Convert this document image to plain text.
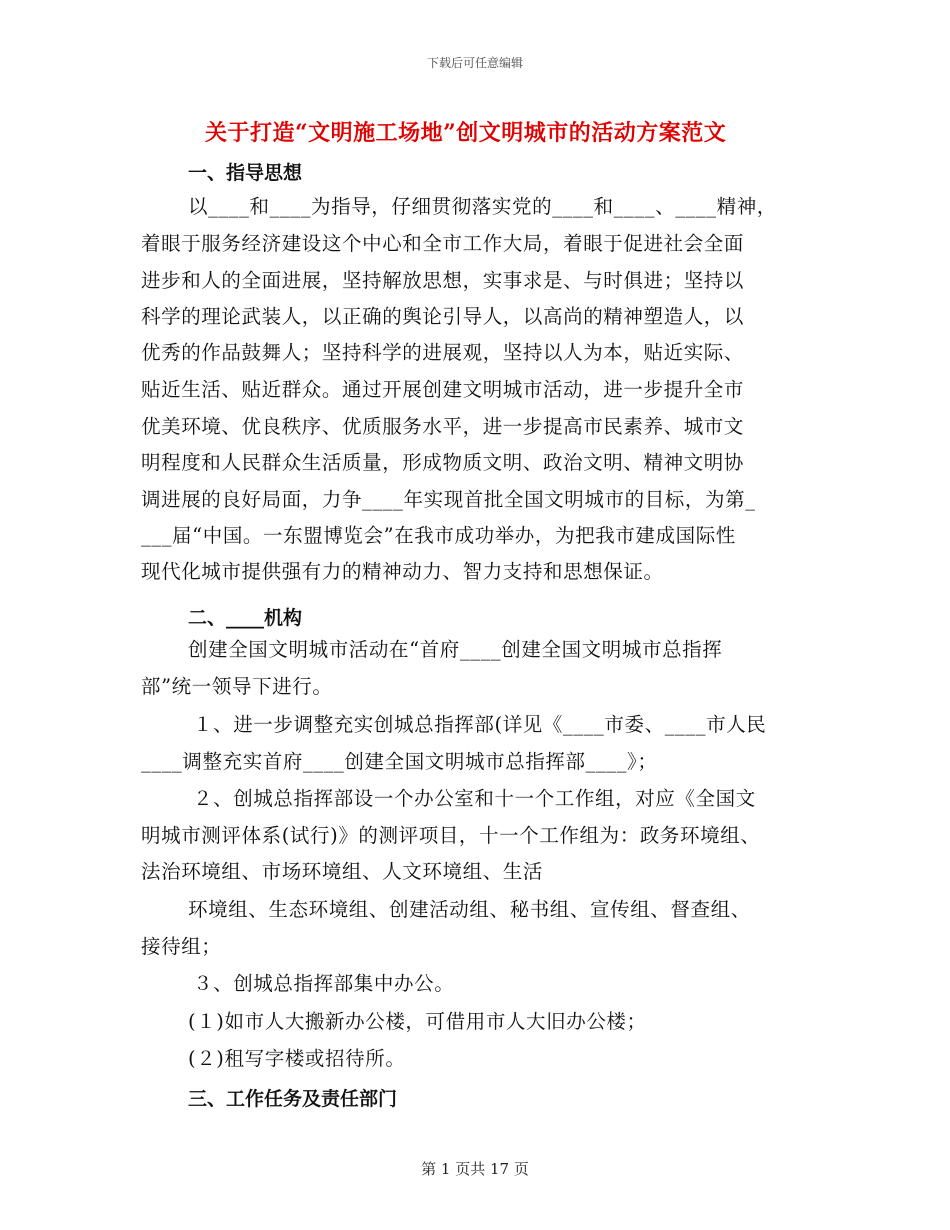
下载后可任意编辑
关于打造“文明施工场地”创文明城市的活动方案范文
一、指导思想
以____和____为指导，仔细贯彻落实党的____和____、____精神，
着眼于服务经济建设这个中心和全市工作大局，着眼于促进社会全面
进步和人的全面进展，坚持解放思想，实事求是、与时俱进；坚持以
科学的理论武装人，以正确的舆论引导人，以高尚的精神塑造人，以
优秀的作品鼓舞人；坚持科学的进展观，坚持以人为本，贴近实际、
贴近生活、贴近群众。通过开展创建文明城市活动，进一步提升全市
优美环境、优良秩序、优质服务水平，进一步提高市民素养、城市文
明程度和人民群众生活质量，形成物质文明、政治文明、精神文明协
调进展的良好局面，力争____年实现首批全国文明城市的目标，为第_
___届“中国。一东盟博览会”在我市成功举办，为把我市建成国际性
现代化城市提供强有力的精神动力、智力支持和思想保证。
二、____机构
创建全国文明城市活动在“首府____创建全国文明城市总指挥
部”统一领导下进行。
１、进一步调整充实创城总指挥部(详见《____市委、____市人民
____调整充实首府____创建全国文明城市总指挥部____》；
２、创城总指挥部设一个办公室和十一个工作组，对应《全国文
明城市测评体系(试行)》的测评项目，十一个工作组为：政务环境组、
法治环境组、市场环境组、人文环境组、生活
环境组、生态环境组、创建活动组、秘书组、宣传组、督查组、
接待组；
３、创城总指挥部集中办公。
(１)如市人大搬新办公楼，可借用市人大旧办公楼；
(２)租写字楼或招待所。
三、工作任务及责任部门
第 1 页共 17 页
